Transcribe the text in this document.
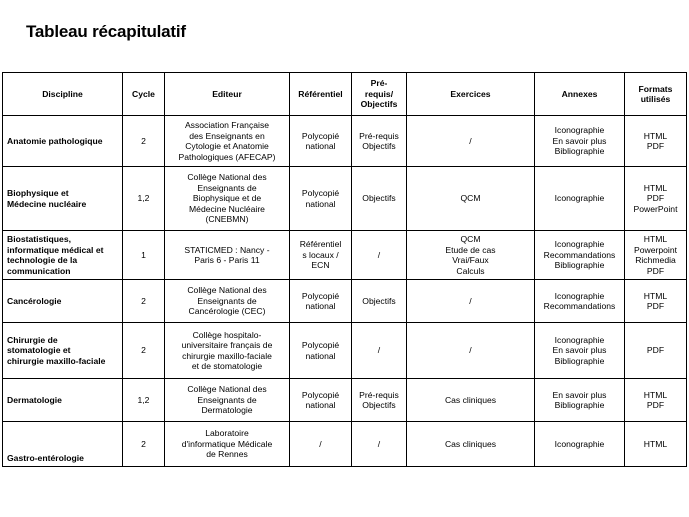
Tableau récapitulatif
Discipline	Cycle	Editeur	Référentiel	Pré-
requis/
Objectifs	Exercices	Annexes	Formats
utilisés
Anatomie pathologique	2	Association Française
des Enseignants en
Cytologie et Anatomie
Pathologiques (AFECAP)	Polycopié
national	Pré-requis
Objectifs	/	Iconographie
En savoir plus
Bibliographie	HTML
PDF
Biophysique et
Médecine nucléaire	1,2	Collège National des
Enseignants de
Biophysique et de
Médecine Nucléaire
(CNEBMN)	Polycopié
national	Objectifs	QCM	Iconographie	HTML
PDF
PowerPoint
Biostatistiques,
informatique médical et
technologie de la
communication	1	STATICMED : Nancy -
Paris 6 - Paris 11	Référentiel
s locaux /
ECN	/	QCM
Etude de cas
Vrai/Faux
Calculs	Iconographie
Recommandations
Bibliographie	HTML
Powerpoint
Richmedia
PDF
Cancérologie	2	Collège National des
Enseignants de
Cancérologie (CEC)	Polycopié
national	Objectifs	/	Iconographie
Recommandations	HTML
PDF
Chirurgie de
stomatologie et
chirurgie maxillo-faciale	2	Collège hospitalo-
universitaire français de
chirurgie maxillo-faciale
et de stomatologie	Polycopié
national	/	/	Iconographie
En savoir plus
Bibliographie	PDF
Dermatologie	1,2	Collège National des
Enseignants de
Dermatologie	Polycopié
national	Pré-requis
Objectifs	Cas cliniques	En savoir plus
Bibliographie	HTML
PDF
Gastro-entérologie	2	Laboratoire
d'informatique Médicale
de Rennes	/	/	Cas cliniques	Iconographie	HTML
